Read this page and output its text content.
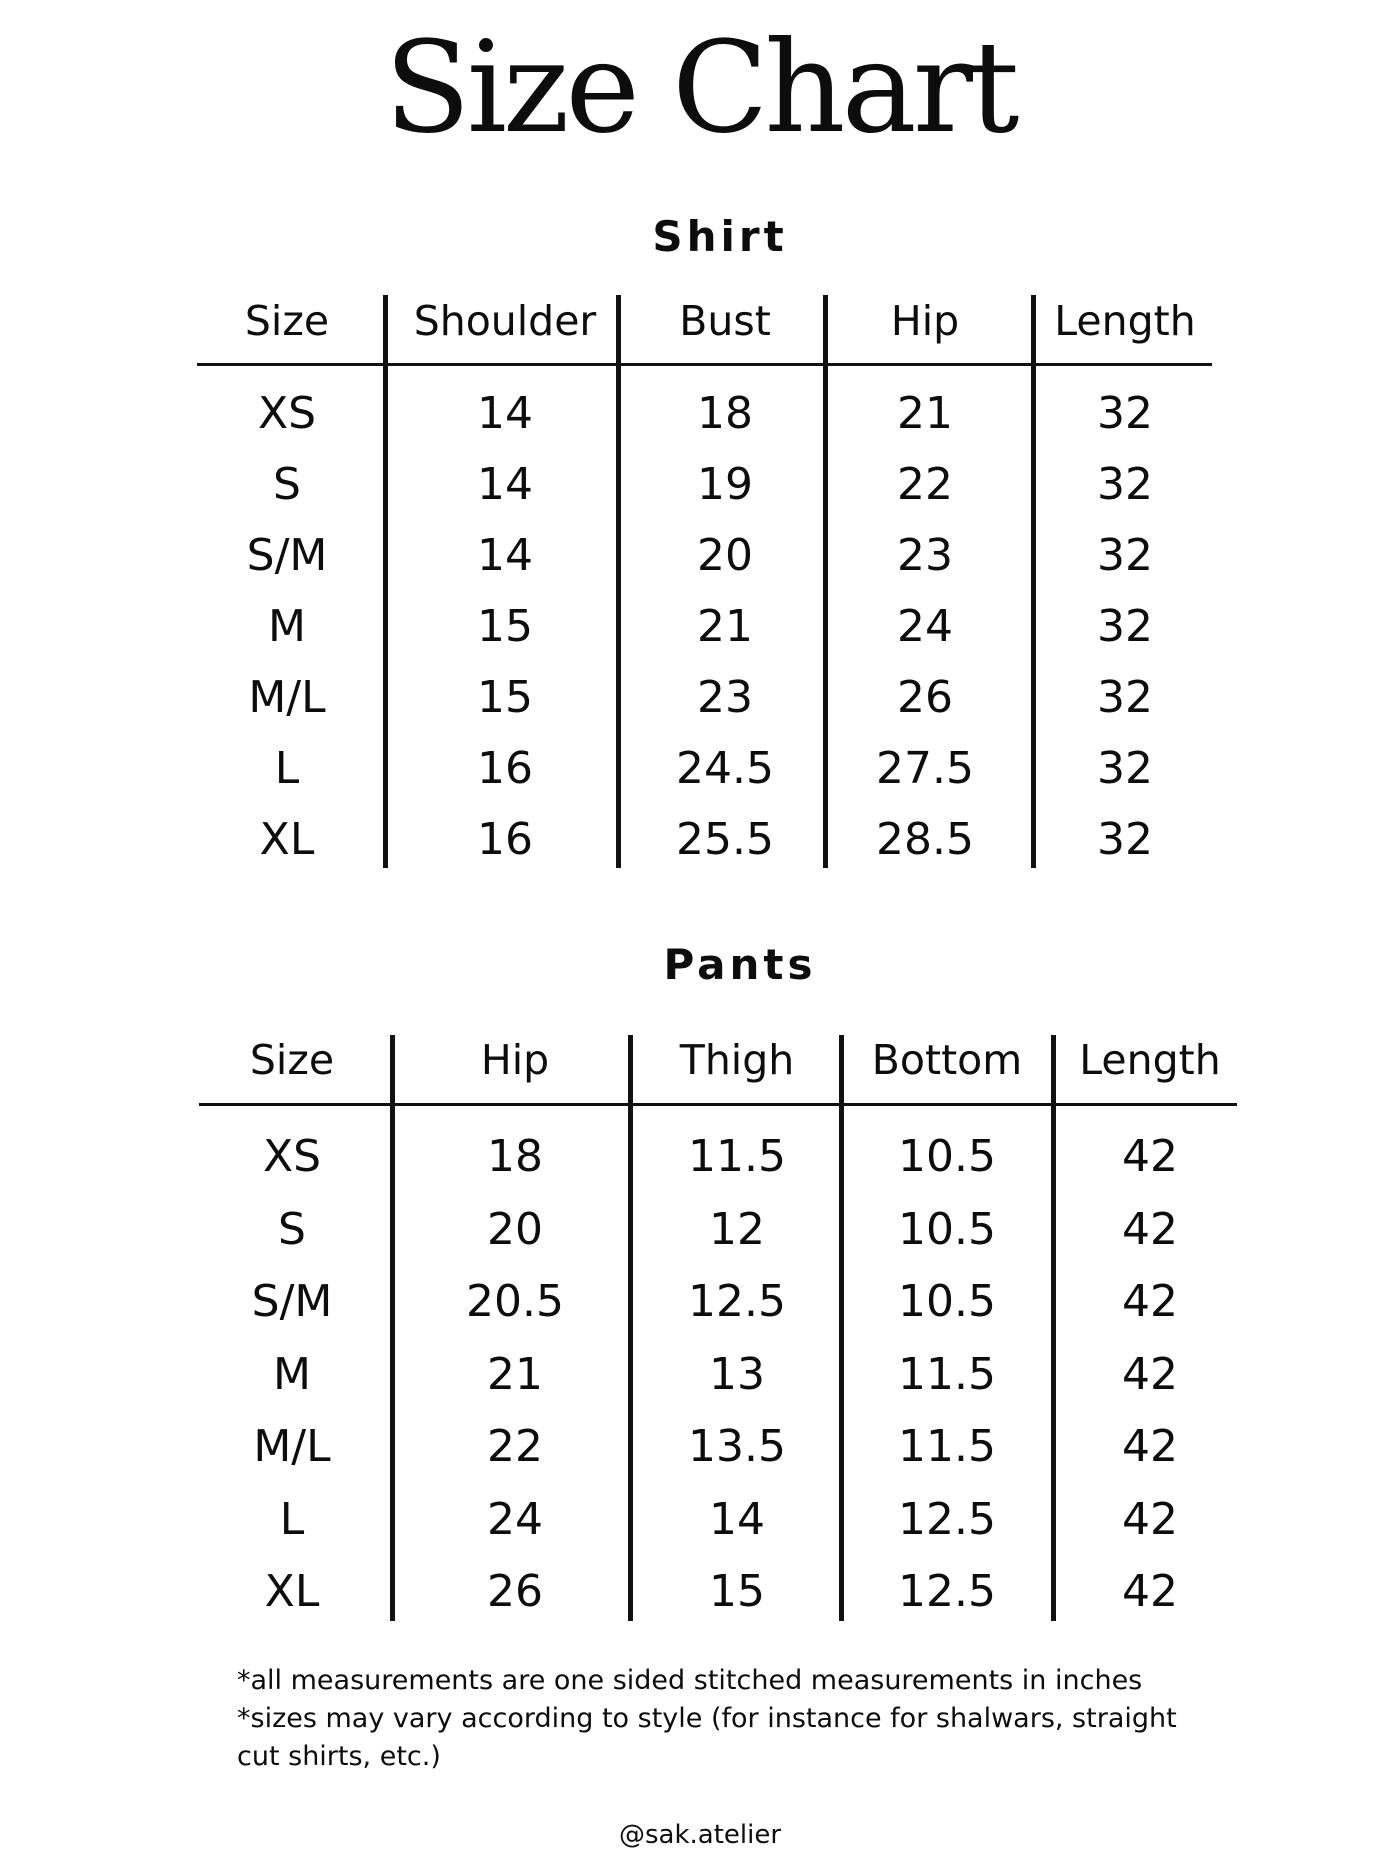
Size Chart
Shirt
Size	Shoulder	Bust	Hip	Length
XS	14	18	21	32
S	14	19	22	32
S/M	14	20	23	32
M	15	21	24	32
M/L	15	23	26	32
L	16	24.5	27.5	32
XL	16	25.5	28.5	32
Pants
Size	Hip	Thigh	Bottom	Length
XS	18	11.5	10.5	42
S	20	12	10.5	42
S/M	20.5	12.5	10.5	42
M	21	13	11.5	42
M/L	22	13.5	11.5	42
L	24	14	12.5	42
XL	26	15	12.5	42
*all measurements are one sided stitched measurements in inches
*sizes may vary according to style (for instance for shalwars, straight
cut shirts, etc.)
@sak.atelier
